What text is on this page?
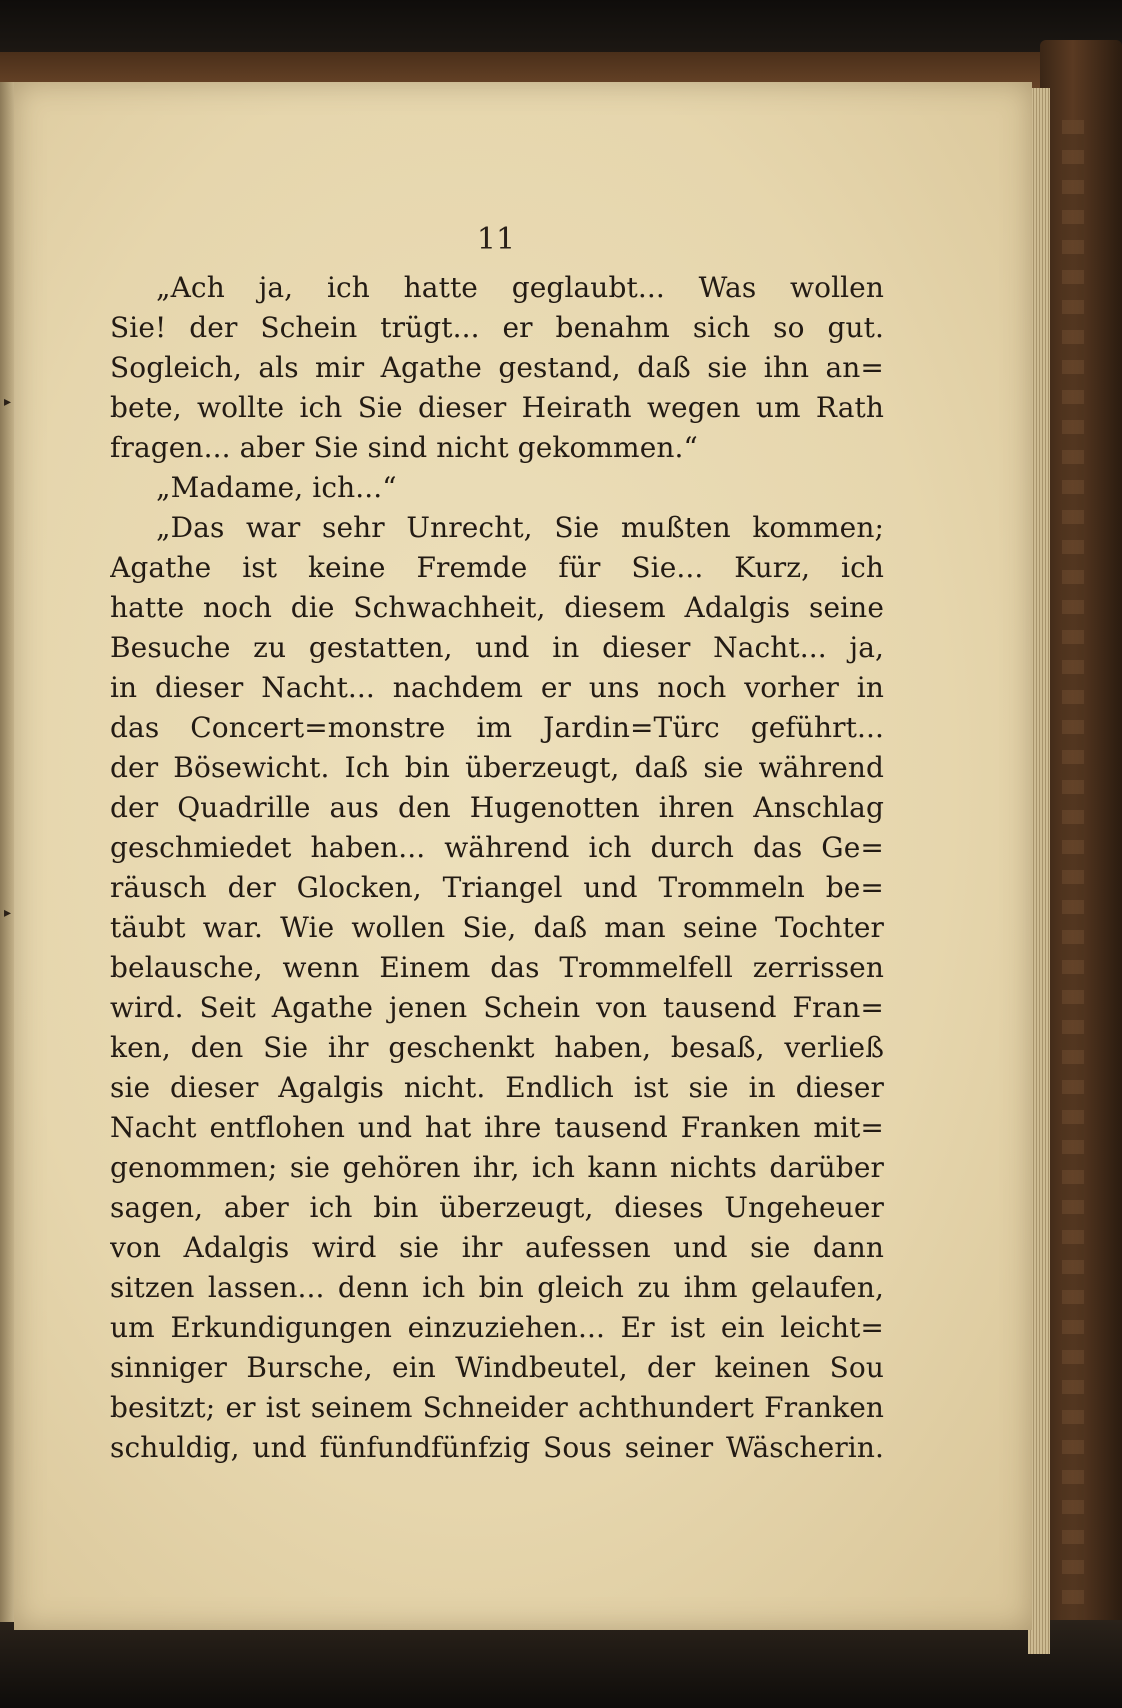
11

„Ach ja, ich hatte geglaubt... Was wollen
Sie! der Schein trügt... er benahm sich so gut.
Sogleich, als mir Agathe gestand, daß sie ihn an=
bete, wollte ich Sie dieser Heirath wegen um Rath
fragen... aber Sie sind nicht gekommen.“
„Madame, ich...“
„Das war sehr Unrecht, Sie mußten kommen;
Agathe ist keine Fremde für Sie... Kurz, ich
hatte noch die Schwachheit, diesem Adalgis seine
Besuche zu gestatten, und in dieser Nacht... ja,
in dieser Nacht... nachdem er uns noch vorher in
das Concert=monstre im Jardin=Türc geführt...
der Bösewicht. Ich bin überzeugt, daß sie während
der Quadrille aus den Hugenotten ihren Anschlag
geschmiedet haben... während ich durch das Ge=
räusch der Glocken, Triangel und Trommeln be=
täubt war. Wie wollen Sie, daß man seine Tochter
belausche, wenn Einem das Trommelfell zerrissen
wird. Seit Agathe jenen Schein von tausend Fran=
ken, den Sie ihr geschenkt haben, besaß, verließ
sie dieser Agalgis nicht. Endlich ist sie in dieser
Nacht entflohen und hat ihre tausend Franken mit=
genommen; sie gehören ihr, ich kann nichts darüber
sagen, aber ich bin überzeugt, dieses Ungeheuer
von Adalgis wird sie ihr aufessen und sie dann
sitzen lassen... denn ich bin gleich zu ihm gelaufen,
um Erkundigungen einzuziehen... Er ist ein leicht=
sinniger Bursche, ein Windbeutel, der keinen Sou
besitzt; er ist seinem Schneider achthundert Franken
schuldig, und fünfundfünfzig Sous seiner Wäscherin.
▸
▸
